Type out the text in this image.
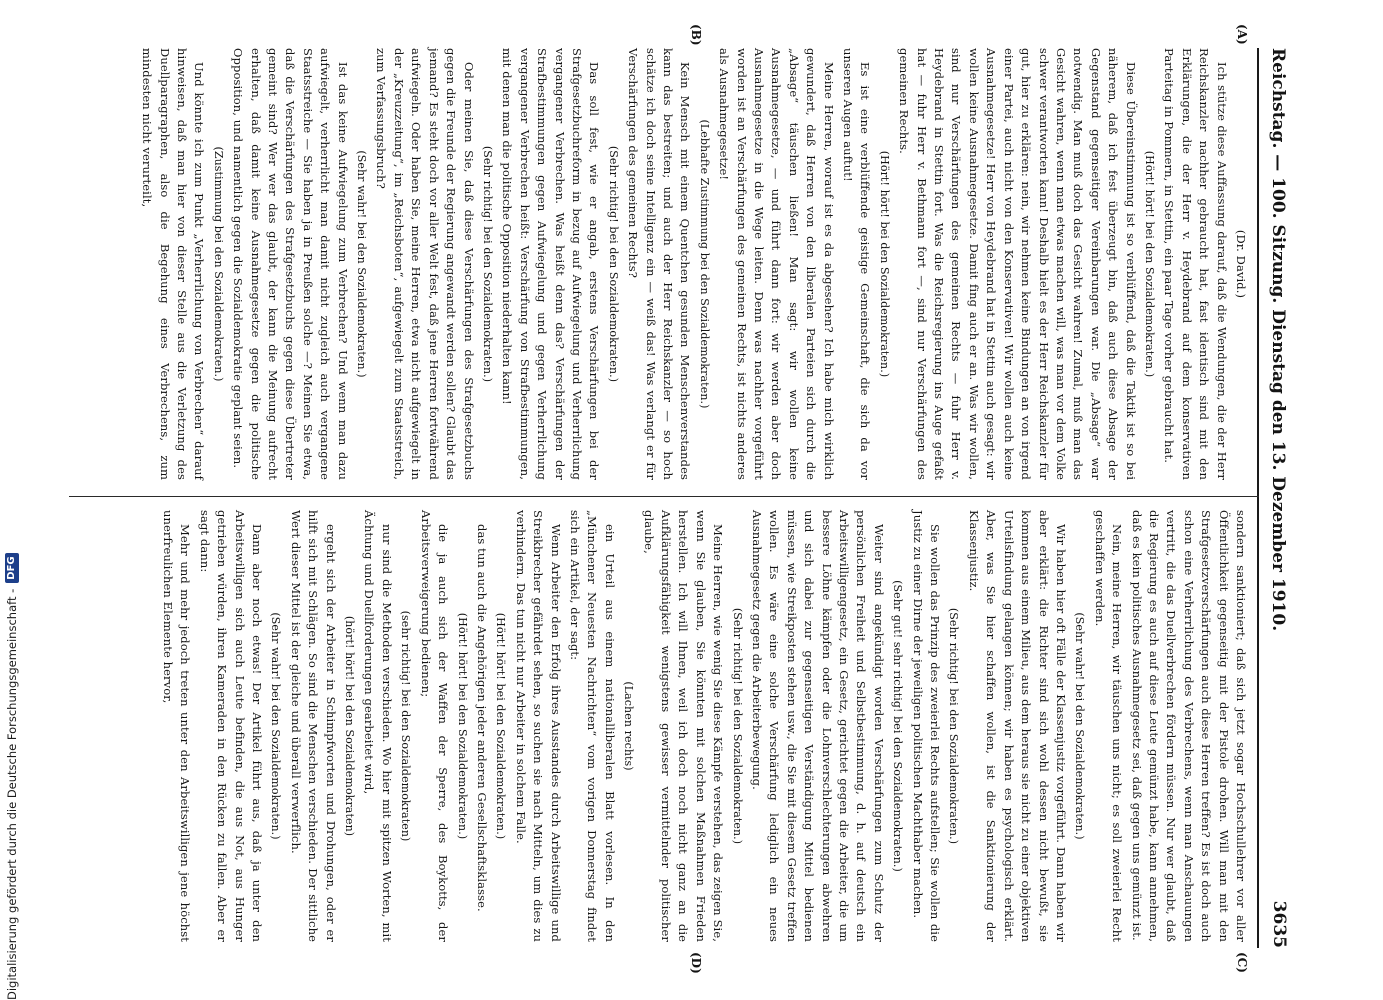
Reichstag. — 100. Sitzung. Dienstag den 13. Dezember 1910.
3635
(A)
(B)
(C)
(D)

(Dr. David.)

Ich stütze diese Auffassung darauf, daß die Wendungen, die der Herr Reichskanzler nachher gebraucht hat, fast identisch sind mit den Erklärungen, die der Herr v. Heydebrand auf dem konservativen Parteitag in Pommern, in Stettin, ein paar Tage vorher gebraucht hat.

(Hört! hört! bei den Sozialdemokraten.)

Diese Übereinstimmung ist so verblüffend, daß die Taktik ist so bei näherem, daß ich fest überzeugt bin, daß auch diese Absage der Gegenstand gegenseitiger Vereinbarungen war. Die „Absage“ war notwendig. Man muß doch das Gesicht wahren! Zumal, muß man das Gesicht wahren, wenn man etwas machen will, was man vor dem Volke schwer verantworten kann! Deshalb hielt es der Herr Reichskanzler für gut, hier zu erklären: nein, wir nehmen keine Bindungen an von irgend einer Partei, auch nicht von den Konservativen! Wir wollen auch keine Ausnahmegesetze! Herr von Heydebrand hat in Stettin auch gesagt: wir wollen keine Ausnahmegesetze. Damit fing auch er an. Was wir wollen, sind nur Verschärfungen des gemeinen Rechts — fuhr Herr v. Heydebrand in Stettin fort. Was die Reichsregierung ins Auge gefaßt hat — fuhr Herr v. Bethmann fort —, sind nur Verschärfungen des gemeinen Rechts.

(Hört! hört! bei den Sozialdemokraten.)

Es ist eine verblüffende geistige Gemeinschaft, die sich da vor unseren Augen auftut!

Meine Herren, worauf ist es da abgesehen? Ich habe mich wirklich gewundert, daß Herren von den liberalen Parteien sich durch die „Absage“ täuschen ließen! Man sagt: wir wollen keine Ausnahmegesetze, — und führt dann fort: wir werden aber doch Ausnahmegesetze in die Wege leiten. Denn was nachher vorgeführt worden ist an Verschärfungen des gemeinen Rechts, ist nichts anderes als Ausnahmegesetze!

(Lebhafte Zustimmung bei den Sozialdemokraten.)

Kein Mensch mit einem Quentchen gesunden Menschenverstandes kann das bestreiten; und auch der Herr Reichskanzler — so hoch schätze ich doch seine Intelligenz ein — weiß das! Was verlangt er für Verschärfungen des gemeinen Rechts?

(Sehr richtig! bei den Sozialdemokraten.)

Das soll fest, wie er angab, erstens Verschärfungen bei der Strafgesetzbuchreform in bezug auf Aufwiegelung und Verherrlichung vergangener Verbrechen. Was heißt denn das? Verschärfungen der Strafbestimmungen gegen Aufwiegelung und gegen Verherrlichung vergangener Verbrechen heißt: Verschärfung von Strafbestimmungen, mit denen man die politische Opposition niederhalten kann!

(Sehr richtig! bei den Sozialdemokraten.)

Oder meinen Sie, daß diese Verschärfungen des Strafgesetzbuchs gegen die Freunde der Regierung angewandt werden sollen? Glaubt das jemand? Es steht doch vor aller Welt fest, daß jene Herren fortwährend aufwiegeln. Oder haben Sie, meine Herren, etwa nicht aufgewiegelt in der „Kreuzzeitung“, im „Reichsboten“, aufgewiegelt zum Staatsstreich, zum Verfassungsbruch?

(Sehr wahr! bei den Sozialdemokraten.)

Ist das keine Aufwiegelung zum Verbrechen? Und wenn man dazu aufwiegelt, verherrlicht man damit nicht zugleich auch vergangene Staatsstreiche — Sie haben ja in Preußen solche —? Meinen Sie etwa, daß die Verschärfungen des Strafgesetzbuchs gegen diese Übertreter gemeint sind? Wer wer das glaubt, der kann die Meinung aufrecht erhalten, daß damit keine Ausnahmegesetze gegen die politische Opposition, und namentlich gegen die Sozialdemokratie geplant seien.

(Zustimmung bei den Sozialdemokraten.)

Und könnte ich zum Punkt „Verherrlichung von Verbrechen“ darauf hinweisen, daß man hier von dieser Stelle aus die Verletzung des Duellparagraphen, also die Begehung eines Verbrechens, zum mindesten nicht verurteilt,

sondern sanktioniert; daß sich jetzt sogar Hochschullehrer vor aller Öffentlichkeit gegenseitig mit der Pistole drohen. Will man mit den Strafgesetzverschärfungen auch diese Herren treffen? Es ist doch auch schon eine Verherrlichung des Verbrechens, wenn man Anschauungen vertritt, die das Duellverbrechen fördern müssen. Nur wer glaubt, daß die Regierung es auch auf diese Leute gemünzt habe, kann annehmen, daß es kein politisches Ausnahmegesetz sei, daß gegen uns gemünzt ist.

Nein, meine Herren, wir täuschen uns nicht; es soll zweierlei Recht geschaffen werden.

(Sehr wahr! bei den Sozialdemokraten.)

Wir haben hier oft Fälle der Klassenjustiz vorgeführt. Dann haben wir aber erklärt: die Richter sind sich wohl dessen nicht bewußt, sie kommen aus einem Milieu, aus dem heraus sie nicht zu einer objektiven Urteilsfindung gelangen können; wir haben es psychologisch erklärt. Aber, was Sie hier schaffen wollen, ist die Sanktionierung der Klassenjustiz.

(Sehr richtig! bei den Sozialdemokraten.)

Sie wollen das Prinzip des zweierlei Rechts aufstellen; Sie wollen die Justiz zu einer Dirne der jeweiligen politischen Machthaber machen.

(Sehr gut! sehr richtig! bei den Sozialdemokraten.)

Weiter sind angekündigt worden Verschärfungen zum Schutz der persönlichen Freiheit und Selbstbestimmung, d. h. auf deutsch ein Arbeitswilligengesetz, ein Gesetz, gerichtet gegen die Arbeiter, die um bessere Löhne kämpfen oder die Lohnverschlechterungen abwehren und sich dabei zur gegenseitigen Verständigung Mittel bedienen müssen, wie Streikposten stehen usw., die Sie mit diesem Gesetz treffen wollen. Es wäre eine solche Verschärfung lediglich ein neues Ausnahmegesetz gegen die Arbeiterbewegung.

(Sehr richtig! bei den Sozialdemokraten.)

Meine Herren, wie wenig Sie diese Kämpfe verstehen, das zeigen Sie, wenn Sie glauben, Sie könnten mit solchen Maßnahmen Frieden herstellen. Ich will Ihnen, weil ich doch noch nicht ganz an die Aufklärungsfähigkeit wenigstens gewisser vermittelnder politischer glaube,

(Lachen rechts)

ein Urteil aus einem nationalliberalen Blatt vorlesen. In den „Münchener Neuesten Nachrichten“ vom vorigen Donnerstag findet sich ein Artikel, der sagt:

Wenn Arbeiter den Erfolg ihres Ausstandes durch Arbeitswillige und Streikbrecher gefährdet sehen, so suchen sie nach Mitteln, um dies zu verhindern. Das tun nicht nur Arbeiter in solchem Falle.

(Hört! hört! bei den Sozialdemokraten.)

das tun auch die Angehörigen jeder anderen Gesellschaftsklasse.

(Hört! hört! bei den Sozialdemokraten.)

die ja auch sich der Waffen der Sperre, des Boykotts, der Arbeitsverweigerung bedienen;

(sehr richtig! bei den Sozialdemokraten)

nur sind die Methoden verschieden. Wo hier mit spitzen Worten, mit Ächtung und Duellforderungen gearbeitet wird,

(hört! hört! bei den Sozialdemokraten)

ergeht sich der Arbeiter in Schimpfworten und Drohungen, oder er hilft sich mit Schlägen. So sind die Menschen verschieden. Der sittliche Wert dieser Mittel ist der gleiche und überall verwerflich.

(Sehr wahr! bei den Sozialdemokraten.)

Dann aber noch etwas! Der Artikel führt aus, daß ja unter den Arbeitswilligen sich auch Leute befinden, die aus Not, aus Hunger getrieben würden, ihren Kameraden in den Rücken zu fallen. Aber er sagt dann:

Mehr und mehr jedoch treten unter den Arbeitswilligen jene höchst unerfreulichen Elemente hervor,

Digitalisierung gefördert durch die Deutsche Forschungsgemeinschaft -
DFG
